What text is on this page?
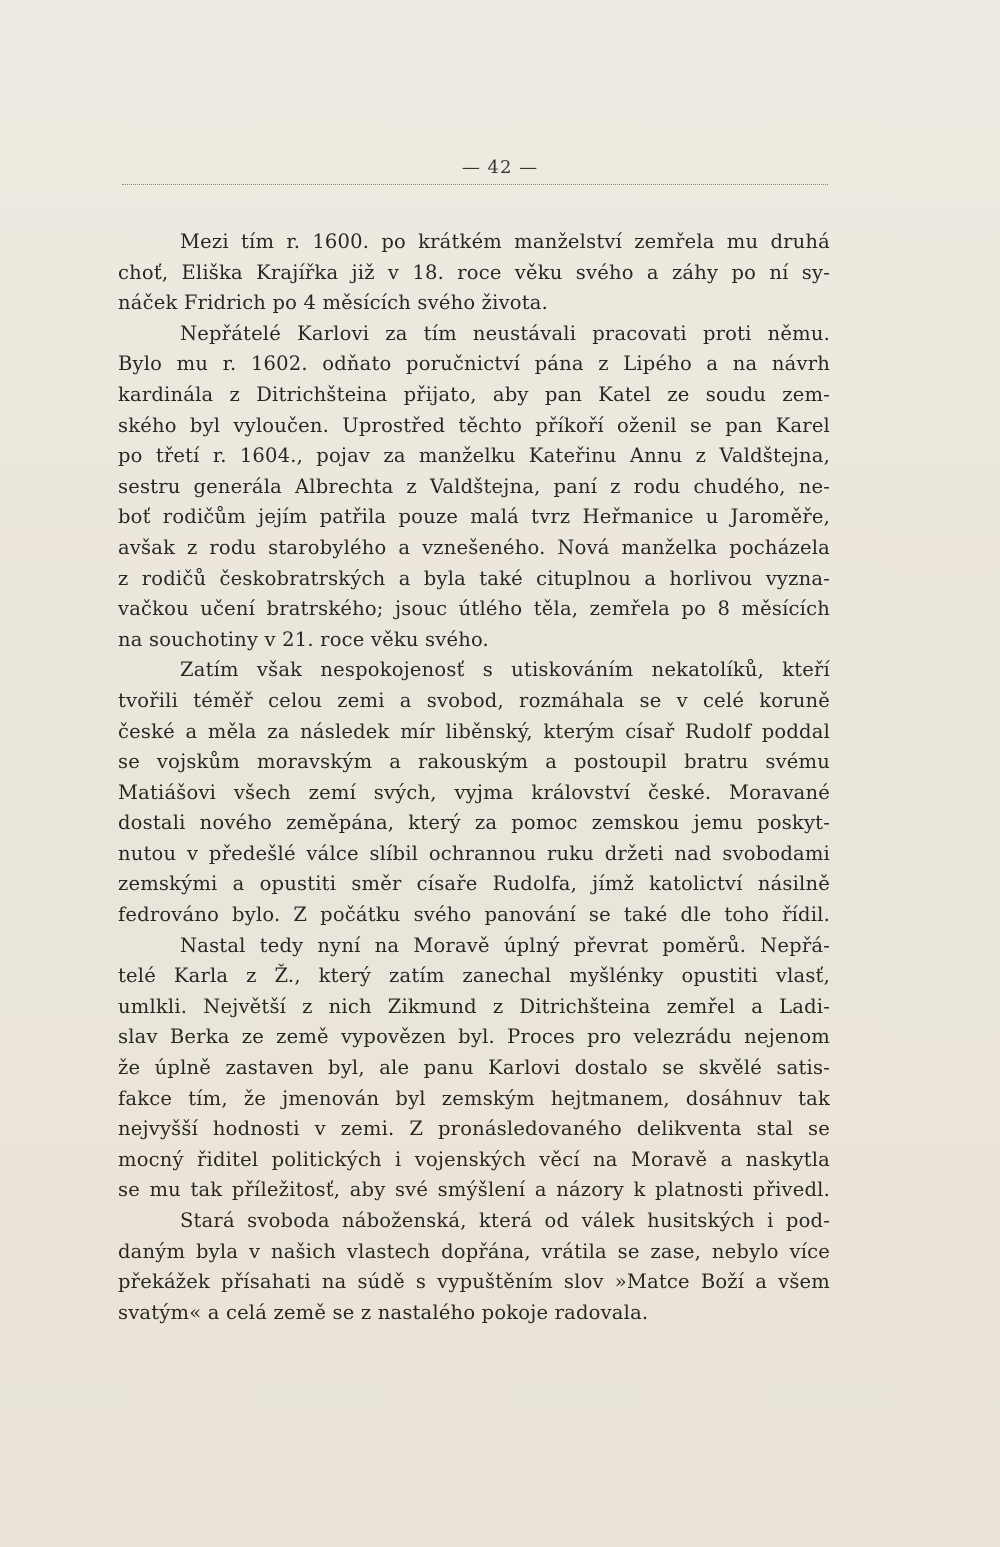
— 42 —
Mezi tím r. 1600. po krátkém manželství zemřela mu druhá
choť, Eliška Krajířka již v 18. roce věku svého a záhy po ní sy-
náček Fridrich po 4 měsících svého života.
Nepřátelé Karlovi za tím neustávali pracovati proti němu.
Bylo mu r. 1602. odňato poručnictví pána z Lipého a na návrh
kardinála z Ditrichšteina přijato, aby pan Katel ze soudu zem-
ského byl vyloučen. Uprostřed těchto příkoří oženil se pan Karel
po třetí r. 1604., pojav za manželku Kateřinu Annu z Valdštejna,
sestru generála Albrechta z Valdštejna, paní z rodu chudého, ne-
boť rodičům jejím patřila pouze malá tvrz Heřmanice u Jaroměře,
avšak z rodu starobylého a vznešeného. Nová manželka pocházela
z rodičů českobratrských a byla také cituplnou a horlivou vyzna-
vačkou učení bratrského; jsouc útlého těla, zemřela po 8 měsících
na souchotiny v 21. roce věku svého.
Zatím však nespokojenosť s utiskováním nekatolíků, kteří
tvořili téměř celou zemi a svobod, rozmáhala se v celé koruně
české a měla za následek mír liběnský, kterým císař Rudolf poddal
se vojskům moravským a rakouským a postoupil bratru svému
Matiášovi všech zemí svých, vyjma království české. Moravané
dostali nového zeměpána, který za pomoc zemskou jemu poskyt-
nutou v předešlé válce slíbil ochrannou ruku držeti nad svobodami
zemskými a opustiti směr císaře Rudolfa, jímž katolictví násilně
fedrováno bylo. Z počátku svého panování se také dle toho řídil.
Nastal tedy nyní na Moravě úplný převrat poměrů. Nepřá-
telé Karla z Ž., který zatím zanechal myšlénky opustiti vlasť,
umlkli. Největší z nich Zikmund z Ditrichšteina zemřel a Ladi-
slav Berka ze země vypovězen byl. Proces pro velezrádu nejenom
že úplně zastaven byl, ale panu Karlovi dostalo se skvělé satis-
fakce tím, že jmenován byl zemským hejtmanem, dosáhnuv tak
nejvyšší hodnosti v zemi. Z pronásledovaného delikventa stal se
mocný řiditel politických i vojenských věcí na Moravě a naskytla
se mu tak příležitosť, aby své smýšlení a názory k platnosti přivedl.
Stará svoboda náboženská, která od válek husitských i pod-
daným byla v našich vlastech dopřána, vrátila se zase, nebylo více
překážek přísahati na súdě s vypuštěním slov »Matce Boží a všem
svatým« a celá země se z nastalého pokoje radovala.
